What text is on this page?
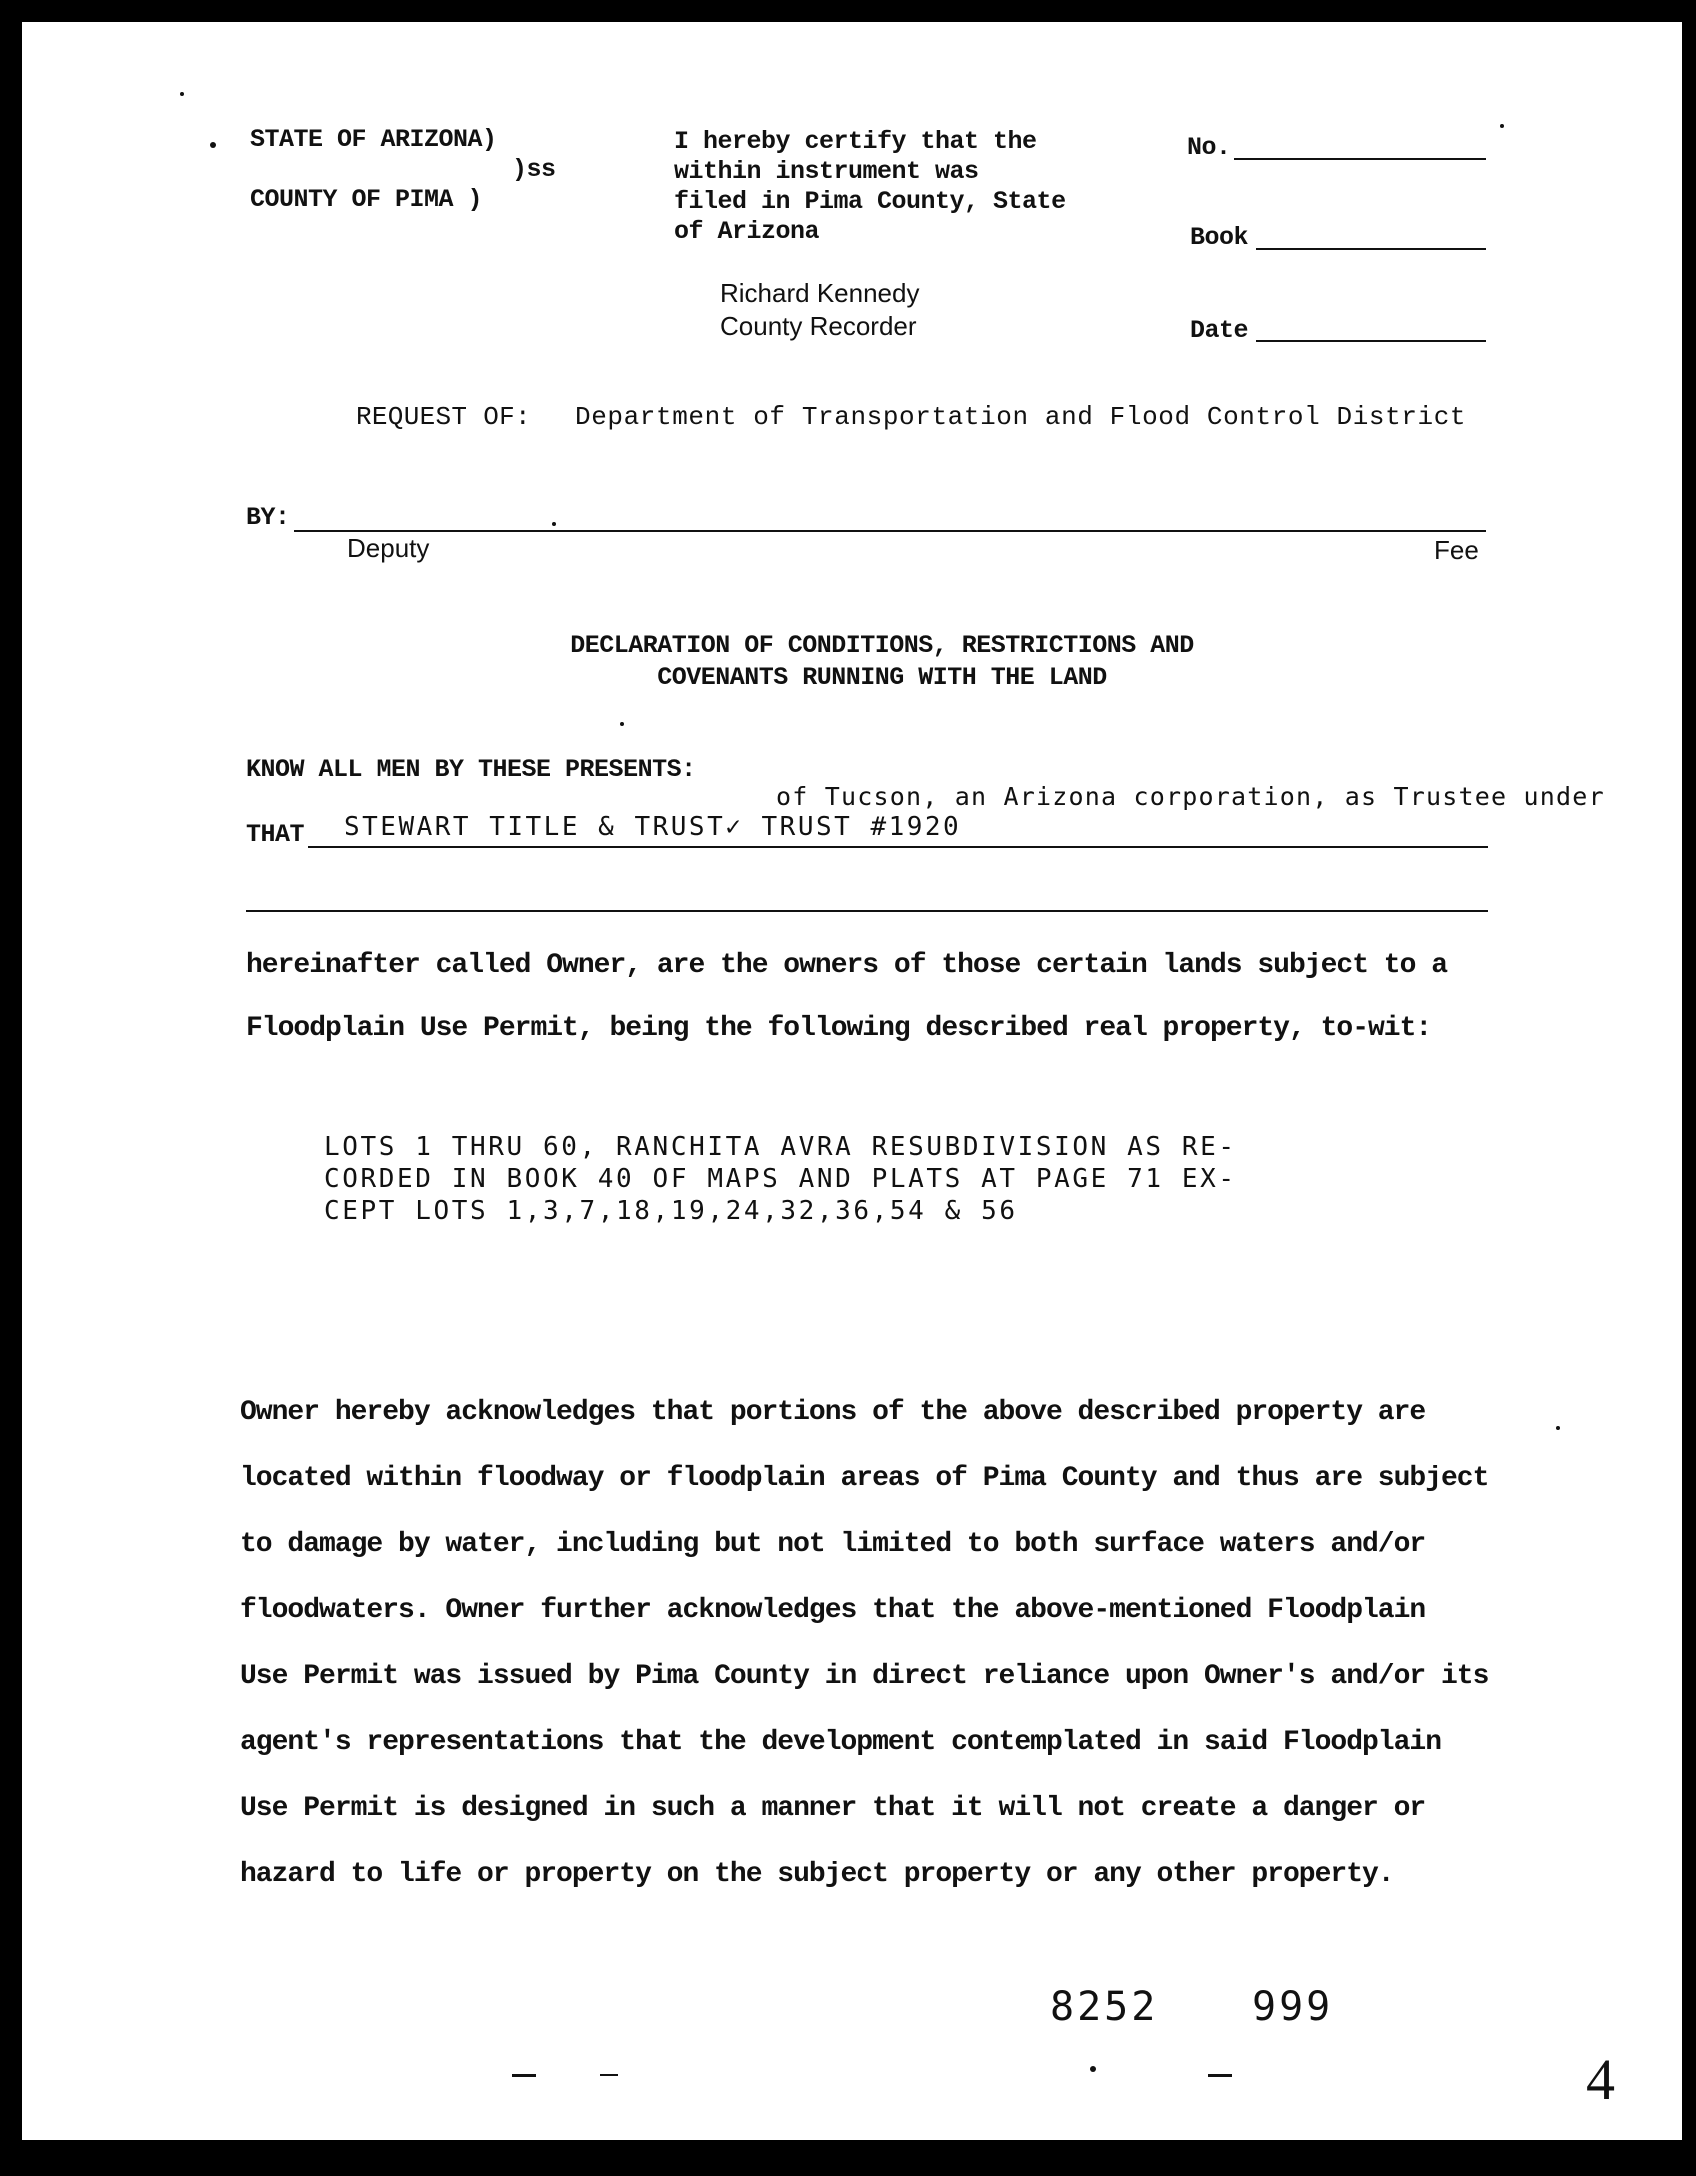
STATE OF ARIZONA)
)ss
COUNTY OF PIMA )
I hereby certify that the
within instrument was
filed in Pima County, State
of Arizona
Richard Kennedy
County Recorder
No.
Book
Date
REQUEST OF: Department of Transportation and Flood Control District
BY:
Deputy	Fee
DECLARATION OF CONDITIONS, RESTRICTIONS AND
COVENANTS RUNNING WITH THE LAND
KNOW ALL MEN BY THESE PRESENTS:
of Tucson, an Arizona corporation, as Trustee under
THAT STEWART TITLE & TRUST✓ TRUST #1920
hereinafter called Owner, are the owners of those certain lands subject to a
Floodplain Use Permit, being the following described real property, to-wit:
LOTS 1 THRU 60, RANCHITA AVRA RESUBDIVISION AS RE-
CORDED IN BOOK 40 OF MAPS AND PLATS AT PAGE 71 EX-
CEPT LOTS 1,3,7,18,19,24,32,36,54 & 56
Owner hereby acknowledges that portions of the above described property are
located within floodway or floodplain areas of Pima County and thus are subject
to damage by water, including but not limited to both surface waters and/or
floodwaters. Owner further acknowledges that the above-mentioned Floodplain
Use Permit was issued by Pima County in direct reliance upon Owner's and/or its
agent's representations that the development contemplated in said Floodplain
Use Permit is designed in such a manner that it will not create a danger or
hazard to life or property on the subject property or any other property.
8252 999
4
